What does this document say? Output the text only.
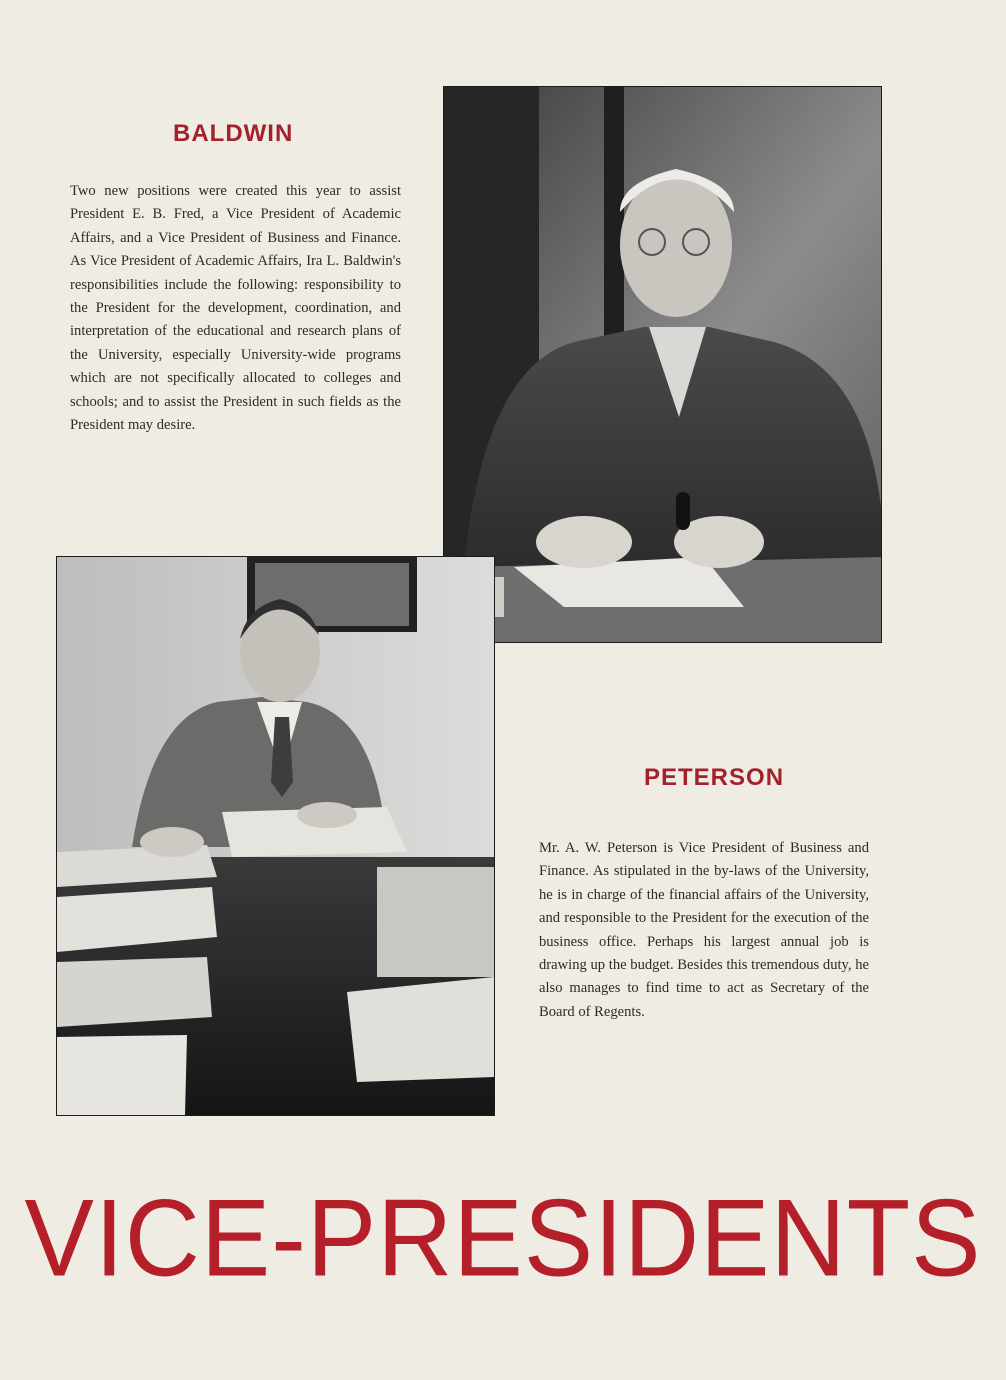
BALDWIN

Two new positions were created this year to assist President E. B. Fred, a Vice President of Academic Affairs, and a Vice President of Business and Finance. As Vice President of Academic Affairs, Ira L. Baldwin's responsibilities include the following: responsibility to the President for the development, coordination, and interpretation of the educational and research plans of the University, especially University-wide programs which are not specifically allocated to colleges and schools; and to assist the President in such fields as the President may desire.

PETERSON

Mr. A. W. Peterson is Vice President of Business and Finance. As stipulated in the by-laws of the University, he is in charge of the financial affairs of the University, and responsible to the President for the execution of the business office. Perhaps his largest annual job is drawing up the budget. Besides this tremendous duty, he also manages to find time to act as Secretary of the Board of Regents.

VICE-PRESIDENTS
